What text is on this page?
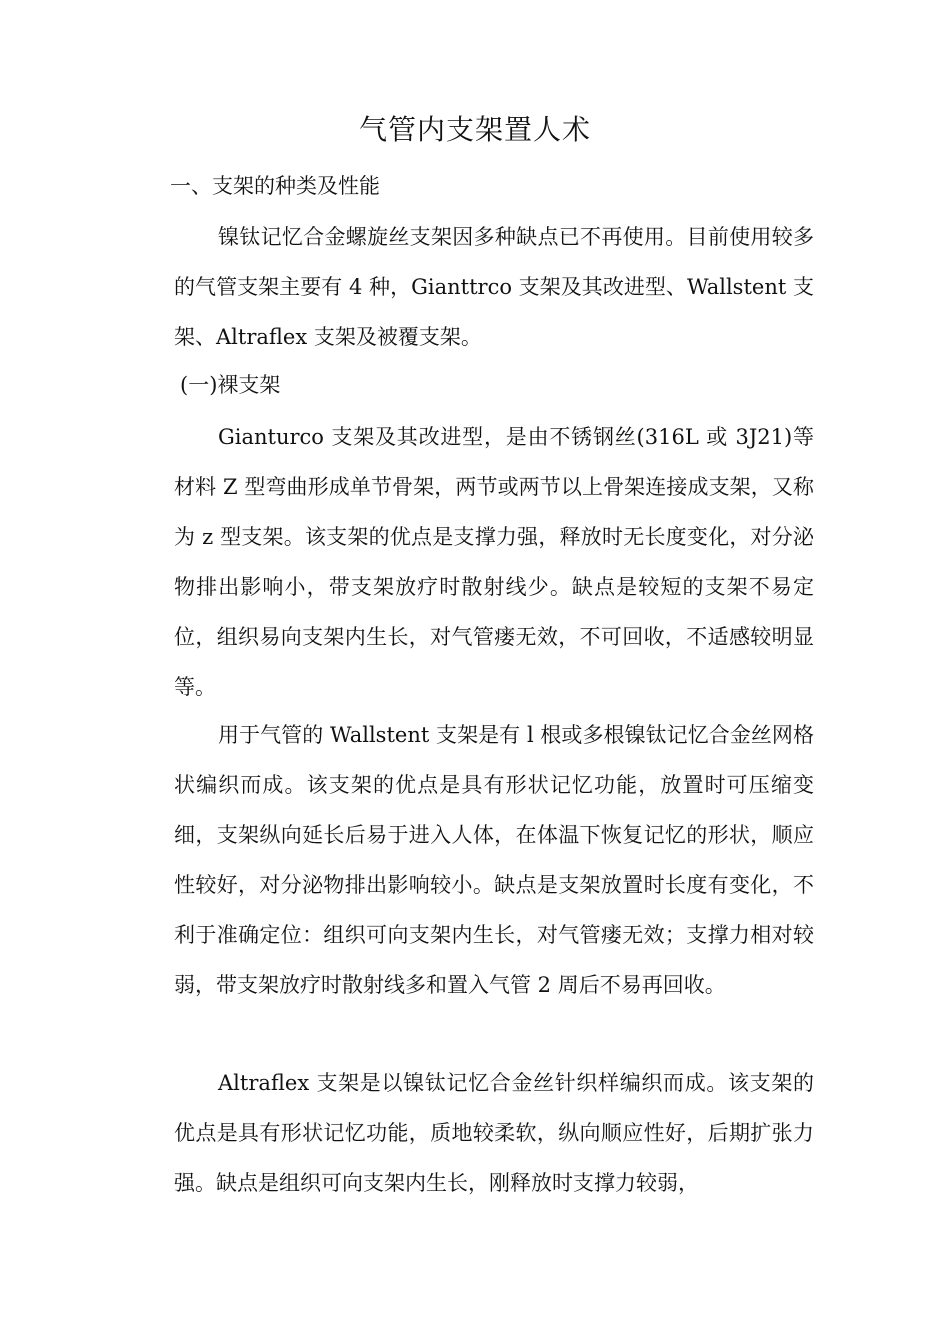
气管内支架置人术
一、支架的种类及性能

镍钛记忆合金螺旋丝支架因多种缺点已不再使用。目前使用较多的气管支架主要有 4 种，Gianttrco 支架及其改进型、Wallstent 支架、Altraflex 支架及被覆支架。

(一)裸支架

Gianturco 支架及其改进型，是由不锈钢丝(316L 或 3J21)等材料 Z 型弯曲形成单节骨架，两节或两节以上骨架连接成支架，又称为 z 型支架。该支架的优点是支撑力强，释放时无长度变化，对分泌物排出影响小，带支架放疗时散射线少。缺点是较短的支架不易定位，组织易向支架内生长，对气管瘘无效，不可回收，不适感较明显等。

用于气管的 Wallstent 支架是有 l 根或多根镍钛记忆合金丝网格状编织而成。该支架的优点是具有形状记忆功能，放置时可压缩变细，支架纵向延长后易于进入人体，在体温下恢复记忆的形状，顺应性较好，对分泌物排出影响较小。缺点是支架放置时长度有变化，不利于准确定位：组织可向支架内生长，对气管瘘无效；支撑力相对较弱，带支架放疗时散射线多和置入气管 2 周后不易再回收。

Altraflex 支架是以镍钛记忆合金丝针织样编织而成。该支架的优点是具有形状记忆功能，质地较柔软，纵向顺应性好，后期扩张力强。缺点是组织可向支架内生长，刚释放时支撑力较弱，
